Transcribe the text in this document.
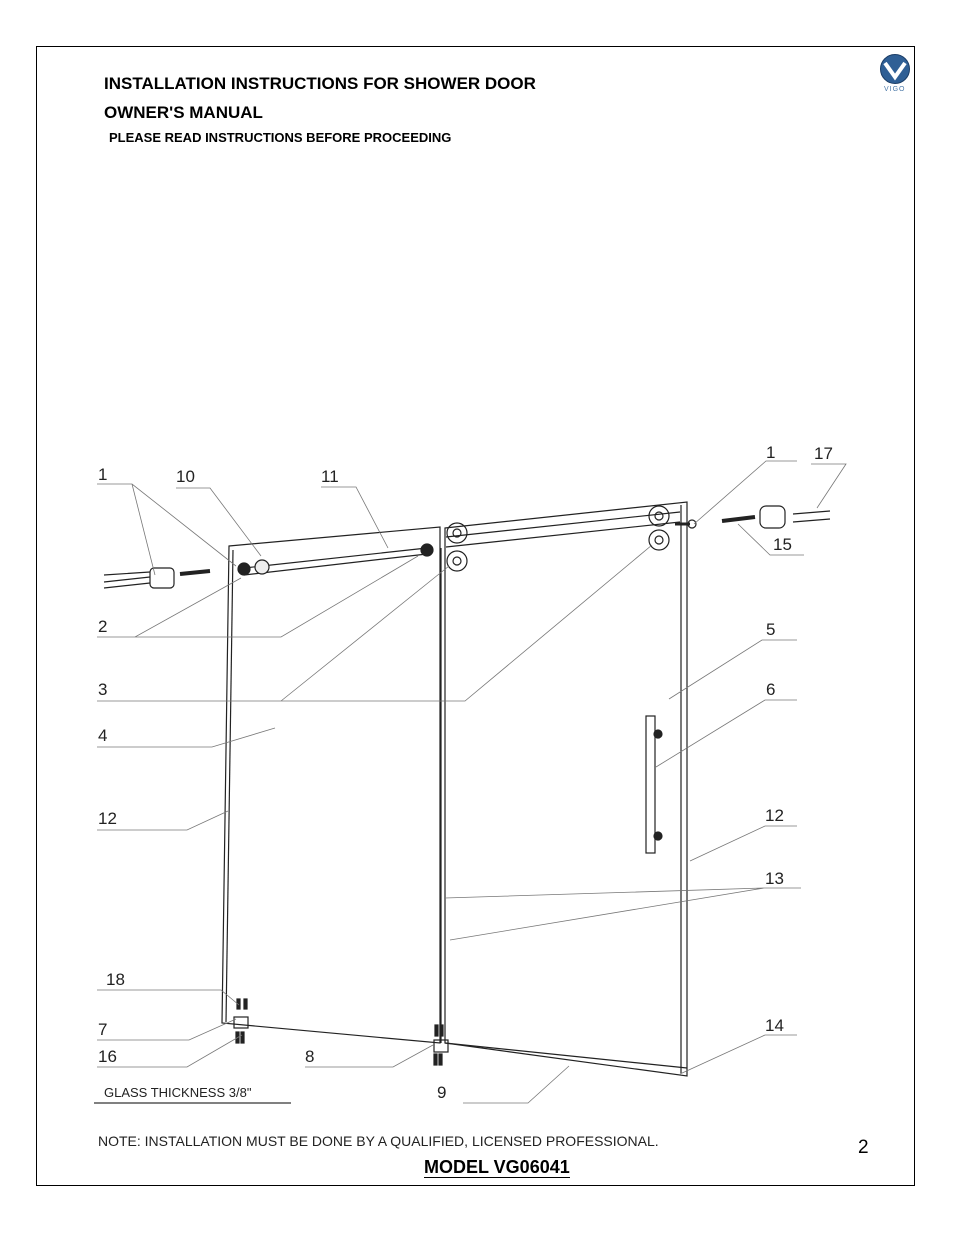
INSTALLATION INSTRUCTIONS FOR SHOWER DOOR
OWNER'S MANUAL
PLEASE READ INSTRUCTIONS BEFORE PROCEEDING
VIGO
1	10	11
1 17
15
2	5
3	6
4
12	12
13
18
14
7
16	8
9
GLASS THICKNESS 3/8"
NOTE: INSTALLATION MUST BE DONE BY A QUALIFIED, LICENSED PROFESSIONAL.
MODEL VG06041
2
